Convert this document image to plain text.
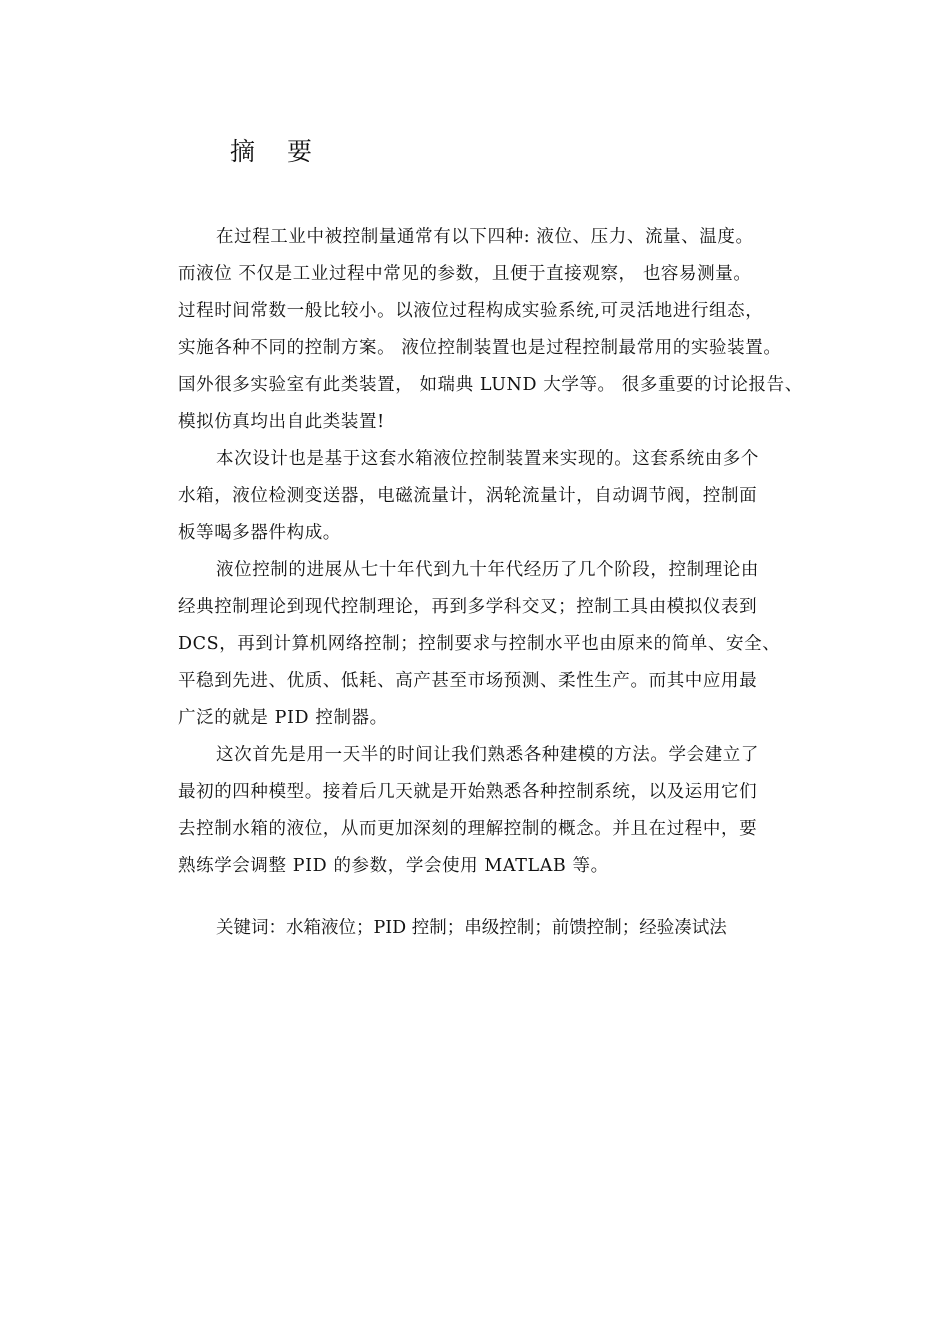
摘 要
在过程工业中被控制量通常有以下四种: 液位、压力、流量、温度。
而液位 不仅是工业过程中常见的参数，且便于直接观察， 也容易测量。
过程时间常数一般比较小。以液位过程构成实验系统,可灵活地进行组态，
实施各种不同的控制方案。 液位控制装置也是过程控制最常用的实验装置。
国外很多实验室有此类装置， 如瑞典 LUND 大学等。 很多重要的讨论报告、
模拟仿真均出自此类装置!
本次设计也是基于这套水箱液位控制装置来实现的。这套系统由多个
水箱，液位检测变送器，电磁流量计，涡轮流量计，自动调节阀，控制面
板等喝多器件构成。
液位控制的进展从七十年代到九十年代经历了几个阶段，控制理论由
经典控制理论到现代控制理论，再到多学科交叉；控制工具由模拟仪表到
DCS，再到计算机网络控制；控制要求与控制水平也由原来的简单、安全、
平稳到先进、优质、低耗、高产甚至市场预测、柔性生产。而其中应用最
广泛的就是 PID 控制器。
这次首先是用一天半的时间让我们熟悉各种建模的方法。学会建立了
最初的四种模型。接着后几天就是开始熟悉各种控制系统，以及运用它们
去控制水箱的液位，从而更加深刻的理解控制的概念。并且在过程中，要
熟练学会调整 PID 的参数，学会使用 MATLAB 等。

关键词：水箱液位；PID 控制；串级控制；前馈控制；经验凑试法
